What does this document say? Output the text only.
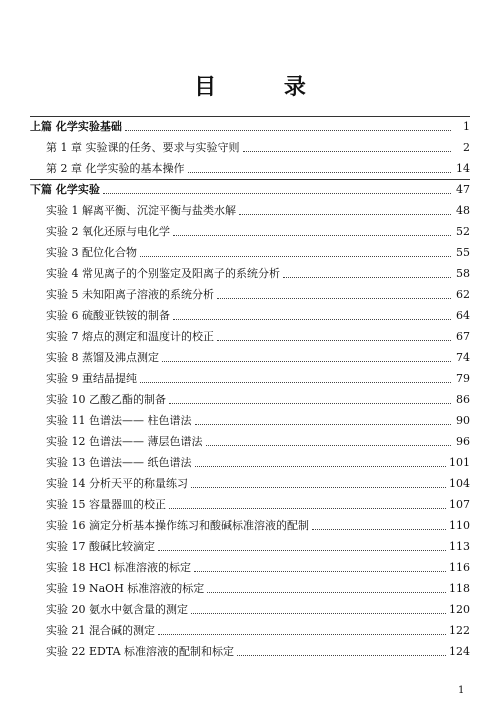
目 录
上篇 化学实验基础	1
第 1 章 实验课的任务、要求与实验守则	2
第 2 章 化学实验的基本操作	14
下篇 化学实验	47
实验 1 解离平衡、沉淀平衡与盐类水解	48
实验 2 氧化还原与电化学	52
实验 3 配位化合物	55
实验 4 常见离子的个别鉴定及阳离子的系统分析	58
实验 5 未知阳离子溶液的系统分析	62
实验 6 硫酸亚铁铵的制备	64
实验 7 熔点的测定和温度计的校正	67
实验 8 蒸馏及沸点测定	74
实验 9 重结晶提纯	79
实验 10 乙酸乙酯的制备	86
实验 11 色谱法—— 柱色谱法	90
实验 12 色谱法—— 薄层色谱法	96
实验 13 色谱法—— 纸色谱法	101
实验 14 分析天平的称量练习	104
实验 15 容量器皿的校正	107
实验 16 滴定分析基本操作练习和酸碱标准溶液的配制	110
实验 17 酸碱比较滴定	113
实验 18 HCl 标准溶液的标定	116
实验 19 NaOH 标准溶液的标定	118
实验 20 氨水中氨含量的测定	120
实验 21 混合碱的测定	122
实验 22 EDTA 标准溶液的配制和标定	124
1
